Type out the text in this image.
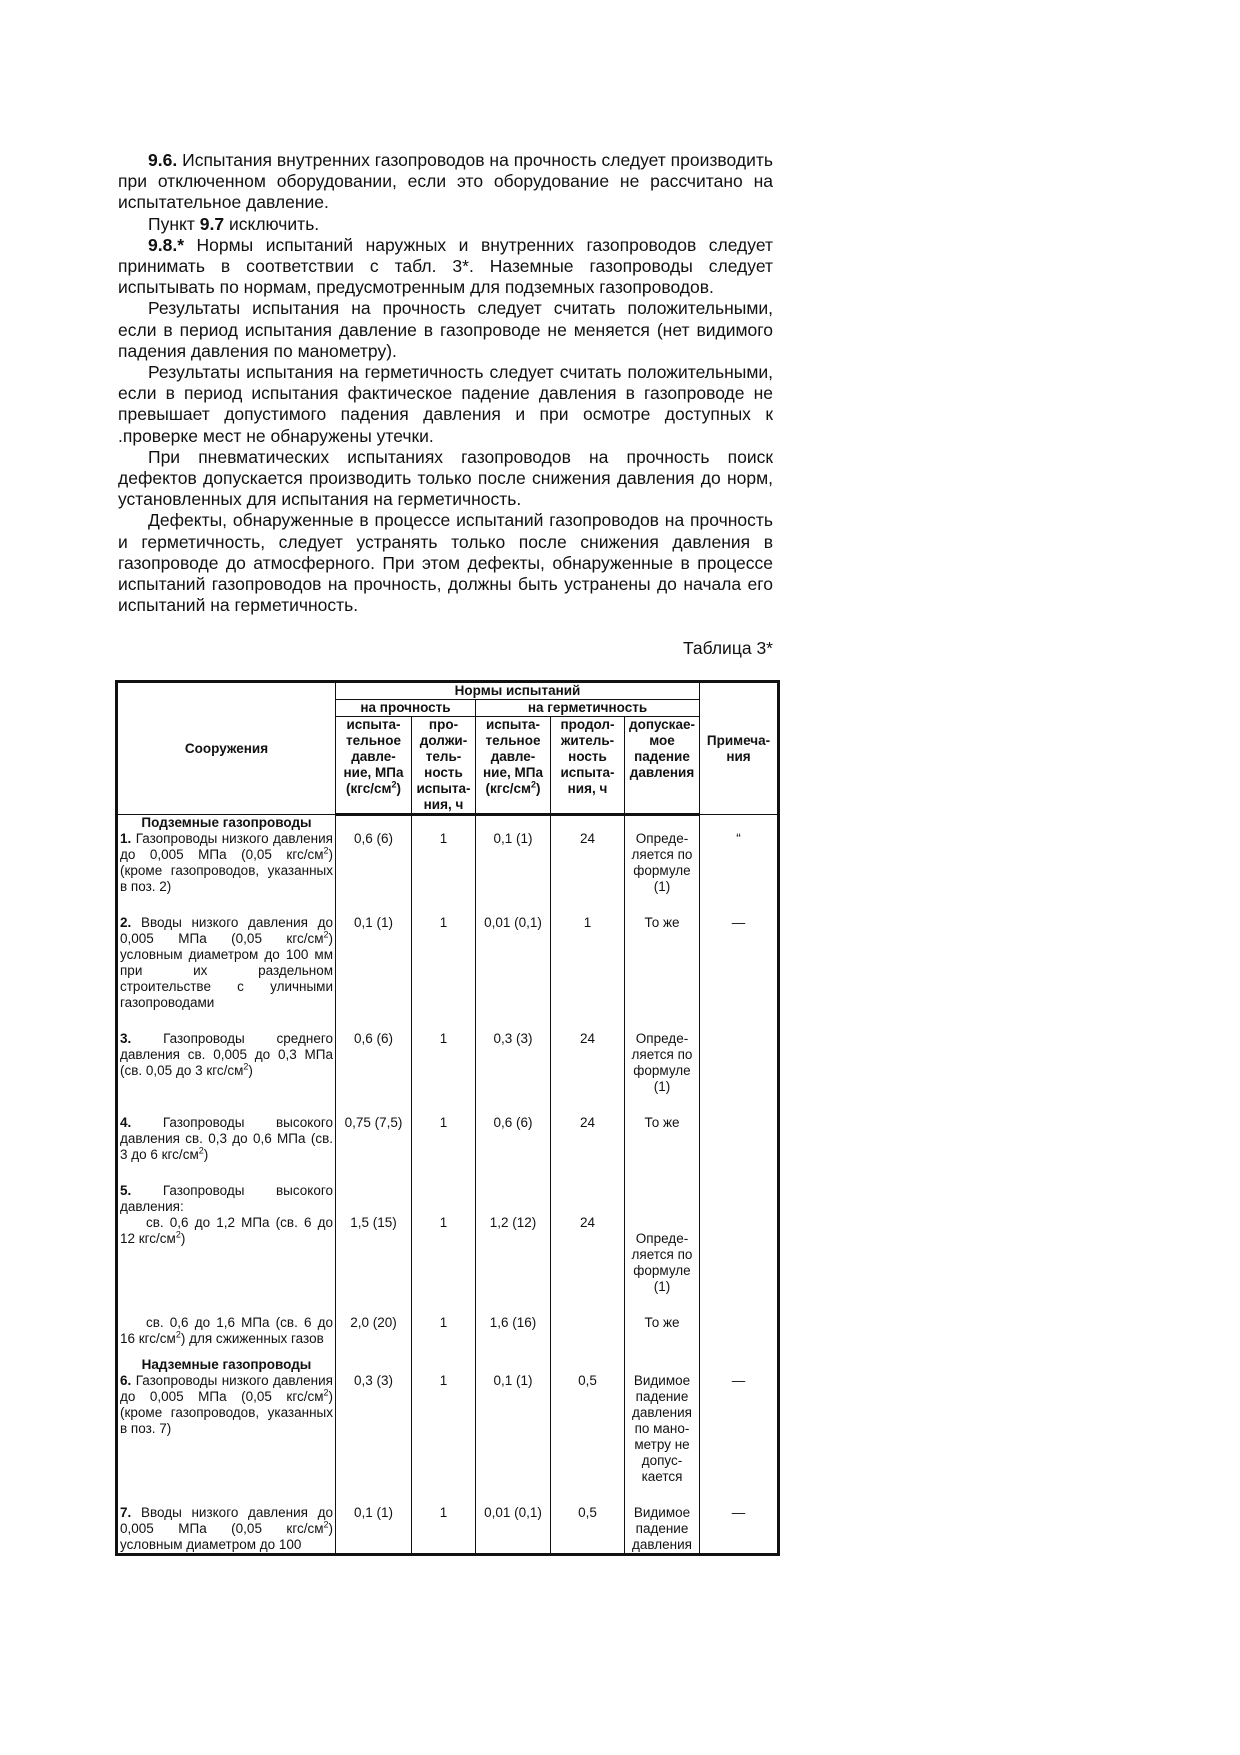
9.6. Испытания внутренних газопроводов на прочность следует производить при отключенном оборудовании, если это оборудование не рассчитано на испытательное давление.

Пункт 9.7 исключить.

9.8.* Нормы испытаний наружных и внутренних газопроводов следует принимать в соответствии с табл. 3*. Наземные газопроводы следует испытывать по нормам, предусмотренным для подземных газопроводов.

Результаты испытания на прочность следует считать положительными, если в период испытания давление в газопроводе не меняется (нет видимого падения давления по манометру).

Результаты испытания на герметичность следует считать положительными, если в период испытания фактическое падение давления в газопроводе не превышает допустимого падения давления и при осмотре доступных к .проверке мест не обнаружены утечки.

При пневматических испытаниях газопроводов на прочность поиск дефектов допускается производить только после снижения давления до норм, установленных для испытания на герметичность.

Дефекты, обнаруженные в процессе испытаний газопроводов на прочность и герметичность, следует устранять только после снижения давления в газопроводе до атмосферного. При этом дефекты, обнаруженные в процессе испытаний газопроводов на прочность, должны быть устранены до начала его испытаний на герметичность.

Таблица 3*
Сооружения	Нормы испытаний					Примеча-ния
	на прочность		на герметичность			
	испыта-тельное давле-ние, МПа $(кгс/см^2)$	про-должи-тель-ность испыта-ния, ч	испыта-тельное давле-ние, МПа $(кгс/см^2)$	продол-житель-ность испыта-ния, ч	допускае-мое падение давления	
Подземные газопроводы						
1. Газопроводы низкого давления до 0,005 МПа (0,05 кгс/$см^2$) (кроме газопроводов, указанных в поз. 2)	0,6 (6)	1	0,1 (1)	24	Опреде-ляется по формуле (1)	“
2. Вводы низкого давления до 0,005 МПа (0,05 кгс/$см^2$) условным диаметром до 100 мм при их раздельном строительстве с уличными газопроводами	0,1 (1)	1	0,01 (0,1)	1	То же	—
3. Газопроводы среднего давления св. 0,005 до 0,3 МПа (св. 0,05 до 3 кгс/$см^2$)	0,6 (6)	1	0,3 (3)	24	Опреде-ляется по формуле (1)	
4. Газопроводы высокого давления св. 0,3 до 0,6 МПа (св. 3 до 6 кгс/$см^2$)	0,75 (7,5)	1	0,6 (6)	24	То же	
5. Газопроводы высокого давления:						
св. 0,6 до 1,2 МПа (св. 6 до 12 кгс/$см^2$)	1,5 (15)	1	1,2 (12)	24	Опреде-ляется по формуле (1)	
св. 0,6 до 1,6 МПа (св. 6 до 16 кгс/$см^2$) для сжиженных газов	2,0 (20)	1	1,6 (16)		То же	
Надземные газопроводы						
6. Газопроводы низкого давления до 0,005 МПа (0,05 кгс/$см^2$) (кроме газопроводов, указанных в поз. 7)	0,3 (3)	1	0,1 (1)	0,5	Видимое падение давления по мано-метру не допус-кается	—
7. Вводы низкого давления до 0,005 МПа (0,05 кгс/$см^2$) условным диаметром до 100	0,1 (1)	1	0,01 (0,1)	0,5	Видимое падение давления	—
